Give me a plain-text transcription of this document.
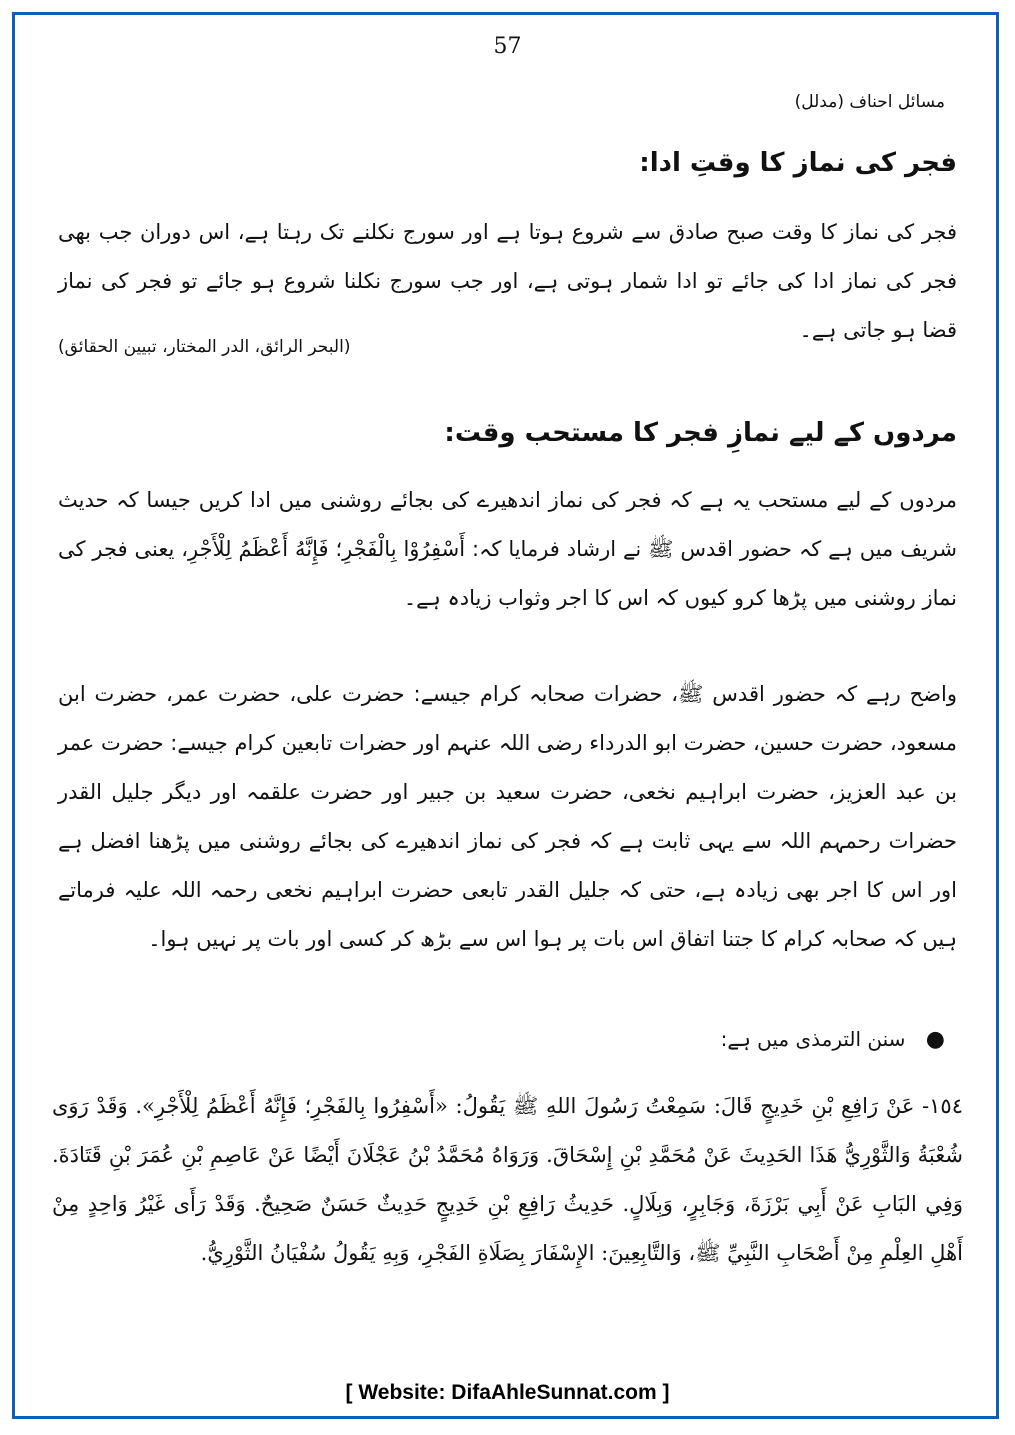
57
مسائل احناف (مدلل)
فجر کی نماز کا وقتِ ادا:
فجر کی نماز کا وقت صبح صادق سے شروع ہوتا ہے اور سورج نکلنے تک رہتا ہے، اس دوران جب بھی فجر کی نماز ادا کی جائے تو ادا شمار ہوتی ہے، اور جب سورج نکلنا شروع ہو جائے تو فجر کی نماز قضا ہو جاتی ہے۔
(البحر الرائق، الدر المختار، تبیین الحقائق)
مردوں کے لیے نمازِ فجر کا مستحب وقت:
مردوں کے لیے مستحب یہ ہے کہ فجر کی نماز اندھیرے کی بجائے روشنی میں ادا کریں جیسا کہ حدیث شریف میں ہے کہ حضور اقدس ﷺ نے ارشاد فرمایا کہ: أَسْفِرُوْا بِالْفَجْرِ؛ فَإِنَّهُ أَعْظَمُ لِلْأَجْرِ، یعنی فجر کی نماز روشنی میں پڑھا کرو کیوں کہ اس کا اجر وثواب زیادہ ہے۔
واضح رہے کہ حضور اقدس ﷺ، حضرات صحابہ کرام جیسے: حضرت علی، حضرت عمر، حضرت ابن مسعود، حضرت حسین، حضرت ابو الدرداء رضی اللہ عنہم اور حضرات تابعین کرام جیسے: حضرت عمر بن عبد العزیز، حضرت ابراہیم نخعی، حضرت سعید بن جبیر اور حضرت علقمہ اور دیگر جلیل القدر حضرات رحمہم اللہ سے یہی ثابت ہے کہ فجر کی نماز اندھیرے کی بجائے روشنی میں پڑھنا افضل ہے اور اس کا اجر بھی زیادہ ہے، حتی کہ جلیل القدر تابعی حضرت ابراہیم نخعی رحمہ اللہ علیہ فرماتے ہیں کہ صحابہ کرام کا جتنا اتفاق اس بات پر ہوا اس سے بڑھ کر کسی اور بات پر نہیں ہوا۔
● سنن الترمذی میں ہے:
١٥٤- عَنْ رَافِعِ بْنِ خَدِيجٍ قَالَ: سَمِعْتُ رَسُولَ اللهِ ﷺ يَقُولُ: «أَسْفِرُوا بِالفَجْرِ؛ فَإِنَّهُ أَعْظَمُ لِلْأَجْرِ». وَقَدْ رَوَى شُعْبَةُ وَالثَّوْرِيُّ هَذَا الحَدِيثَ عَنْ مُحَمَّدِ بْنِ إِسْحَاقَ. وَرَوَاهُ مُحَمَّدُ بْنُ عَجْلَانَ أَيْضًا عَنْ عَاصِمِ بْنِ عُمَرَ بْنِ قَتَادَةَ. وَفِي البَابِ عَنْ أَبِي بَرْزَةَ، وَجَابِرٍ، وَبِلَالٍ. حَدِيثُ رَافِعِ بْنِ خَدِيجٍ حَدِيثٌ حَسَنٌ صَحِيحٌ. وَقَدْ رَأَى غَيْرُ وَاحِدٍ مِنْ أَهْلِ العِلْمِ مِنْ أَصْحَابِ النَّبِيِّ ﷺ، وَالتَّابِعِينَ: الإِسْفَارَ بِصَلَاةِ الفَجْرِ، وَبِهِ يَقُولُ سُفْيَانُ الثَّوْرِيُّ.
[ Website: DifaAhleSunnat.com ]
